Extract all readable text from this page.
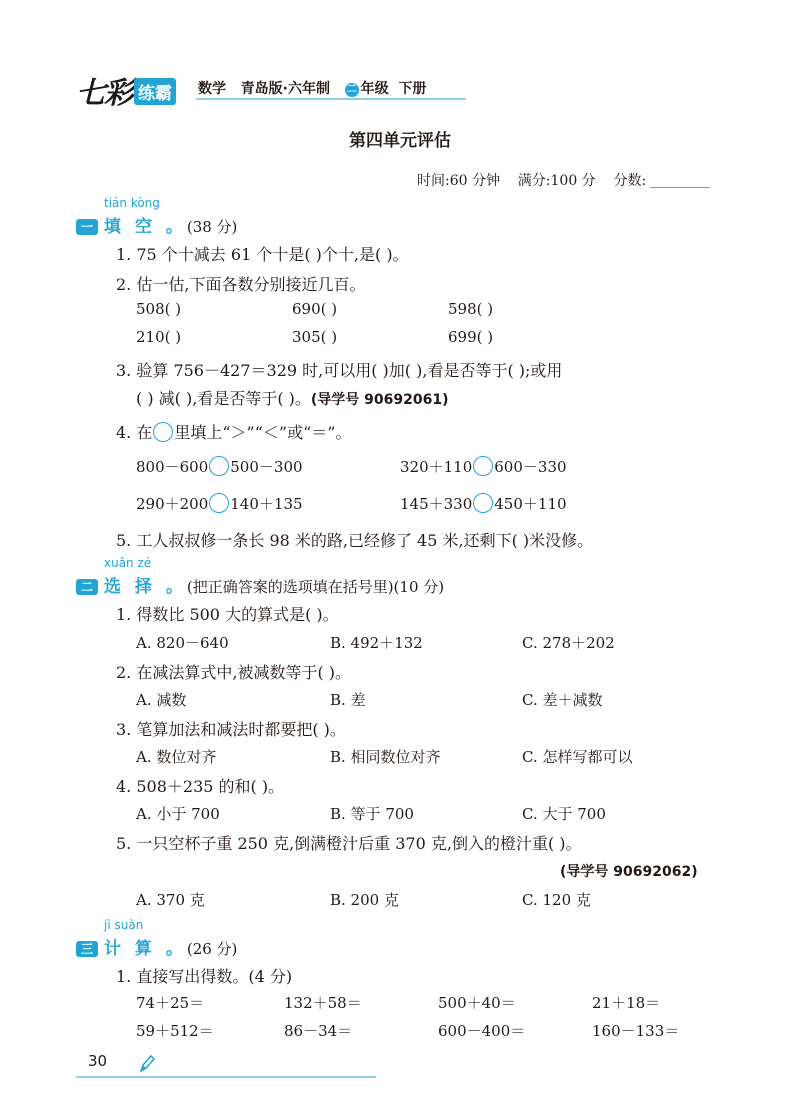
七彩 练霸 数学 青岛版·六年制 二 年级 下册
第四单元评估
时间:60 分钟 满分:100 分 分数:
tián kòng
一 填 空 。(38 分)
1. 75 个十减去 61 个十是( )个十,是( )。
2. 估一估,下面各数分别接近几百。
508( )	690( )	598( )
210( )	305( )	699( )
3. 验算 756－427＝329 时,可以用( )加( ),看是否等于( );或用
( ) 减( ),看是否等于( )。(导学号 90692061)
4. 在 里填上“＞”“＜”或“＝”。
800－600 500－300	320＋110 600－330
290＋200 140＋135	145＋330 450＋110
5. 工人叔叔修一条长 98 米的路,已经修了 45 米,还剩下( )米没修。
xuǎn zé
二 选 择 。(把正确答案的选项填在括号里)(10 分)
1. 得数比 500 大的算式是( )。
A. 820－640	B. 492＋132	C. 278＋202
2. 在减法算式中,被减数等于( )。
A. 减数	B. 差	C. 差＋减数
3. 笔算加法和减法时都要把( )。
A. 数位对齐	B. 相同数位对齐	C. 怎样写都可以
4. 508＋235 的和( )。
A. 小于 700	B. 等于 700	C. 大于 700
5. 一只空杯子重 250 克,倒满橙汁后重 370 克,倒入的橙汁重( )。
(导学号 90692062)
A. 370 克	B. 200 克	C. 120 克
jì suàn
三 计 算 。(26 分)
1. 直接写出得数。(4 分)
74＋25＝	132＋58＝	500＋40＝	21＋18＝
59＋512＝	86－34＝	600－400＝	160－133＝
30
